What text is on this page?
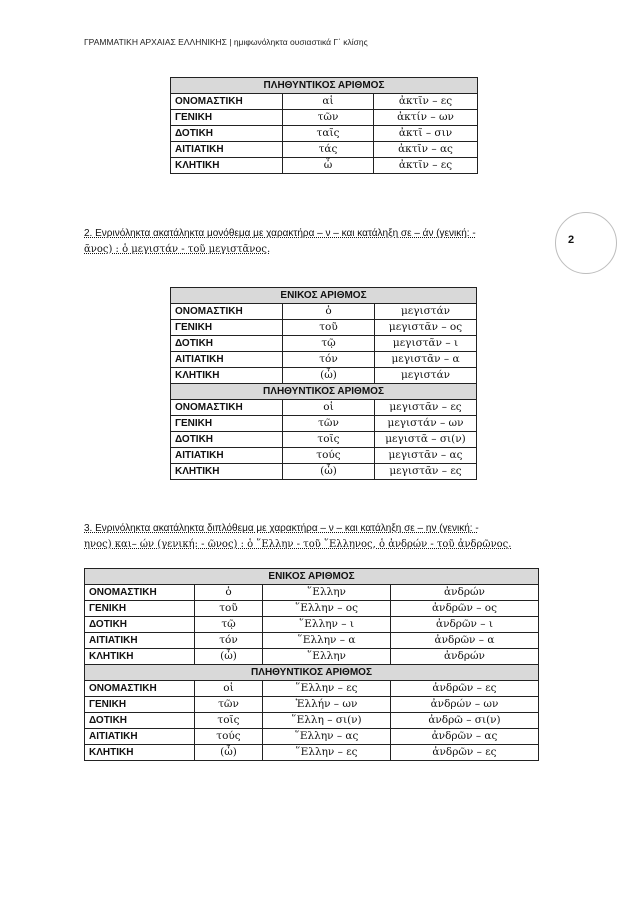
ΓΡΑΜΜΑΤΙΚΗ ΑΡΧΑΙΑΣ ΕΛΛΗΝΙΚΗΣ | ημιφωνόληκτα ουσιαστικά Γ΄ κλίσης
2
ΠΛΗΘΥΝΤΙΚΟΣ ΑΡΙΘΜΟΣ		
ΟΝΟΜΑΣΤΙΚΗ	αἱ	ἀκτῖν – ες
ΓΕΝΙΚΗ	τῶν	ἀκτίν – ων
ΔΟΤΙΚΗ	ταῖς	ἀκτῖ – σιν
ΑΙΤΙΑΤΙΚΗ	τάς	ἀκτῖν – ας
ΚΛΗΤΙΚΗ	ὦ	ἀκτῖν – ες
2. Ενρινόληκτα ακατάληκτα μονόθεμα με χαρακτήρα – ν – και κατάληξη σε – άν (γενική: -
ᾶνος) : ὁ μεγιστάν - τοῦ μεγιστᾶνος.
ΕΝΙΚΟΣ ΑΡΙΘΜΟΣ		
ΟΝΟΜΑΣΤΙΚΗ	ὁ	μεγιστάν
ΓΕΝΙΚΗ	τοῦ	μεγιστᾶν – ος
ΔΟΤΙΚΗ	τῷ	μεγιστᾶν – ι
ΑΙΤΙΑΤΙΚΗ	τόν	μεγιστᾶν – α
ΚΛΗΤΙΚΗ	(ὦ)	μεγιστάν
ΠΛΗΘΥΝΤΙΚΟΣ ΑΡΙΘΜΟΣ		
ΟΝΟΜΑΣΤΙΚΗ	οἱ	μεγιστᾶν – ες
ΓΕΝΙΚΗ	τῶν	μεγιστάν – ων
ΔΟΤΙΚΗ	τοῖς	μεγιστᾶ – σι(ν)
ΑΙΤΙΑΤΙΚΗ	τούς	μεγιστᾶν – ας
ΚΛΗΤΙΚΗ	(ὦ)	μεγιστᾶν – ες
3. Ενρινόληκτα ακατάληκτα διπλόθεμα με χαρακτήρα – ν – και κατάληξη σε – ην (γενική: -
ηνος) και– ών (γενική: - ῶνος) : ὁ ῞Ελλην - τοῦ ῞Ελληνος, ὁ ἀνδρών - τοῦ ἀνδρῶνος.
ΕΝΙΚΟΣ ΑΡΙΘΜΟΣ			
ΟΝΟΜΑΣΤΙΚΗ	ὁ	῞Ελλην	ἀνδρών
ΓΕΝΙΚΗ	τοῦ	῞Ελλην – ος	ἀνδρῶν – ος
ΔΟΤΙΚΗ	τῷ	῞Ελλην – ι	ἀνδρῶν – ι
ΑΙΤΙΑΤΙΚΗ	τόν	῞Ελλην – α	ἀνδρῶν – α
ΚΛΗΤΙΚΗ	(ὦ)	῞Ελλην	ἀνδρών
ΠΛΗΘΥΝΤΙΚΟΣ ΑΡΙΘΜΟΣ			
ΟΝΟΜΑΣΤΙΚΗ	οἱ	῞Ελλην – ες	ἀνδρῶν – ες
ΓΕΝΙΚΗ	τῶν	Ἑλλήν – ων	ἀνδρών – ων
ΔΟΤΙΚΗ	τοῖς	῞Ελλη – σι(ν)	ἀνδρῶ – σι(ν)
ΑΙΤΙΑΤΙΚΗ	τούς	῞Ελλην – ας	ἀνδρῶν – ας
ΚΛΗΤΙΚΗ	(ὦ)	῞Ελλην – ες	ἀνδρῶν – ες
